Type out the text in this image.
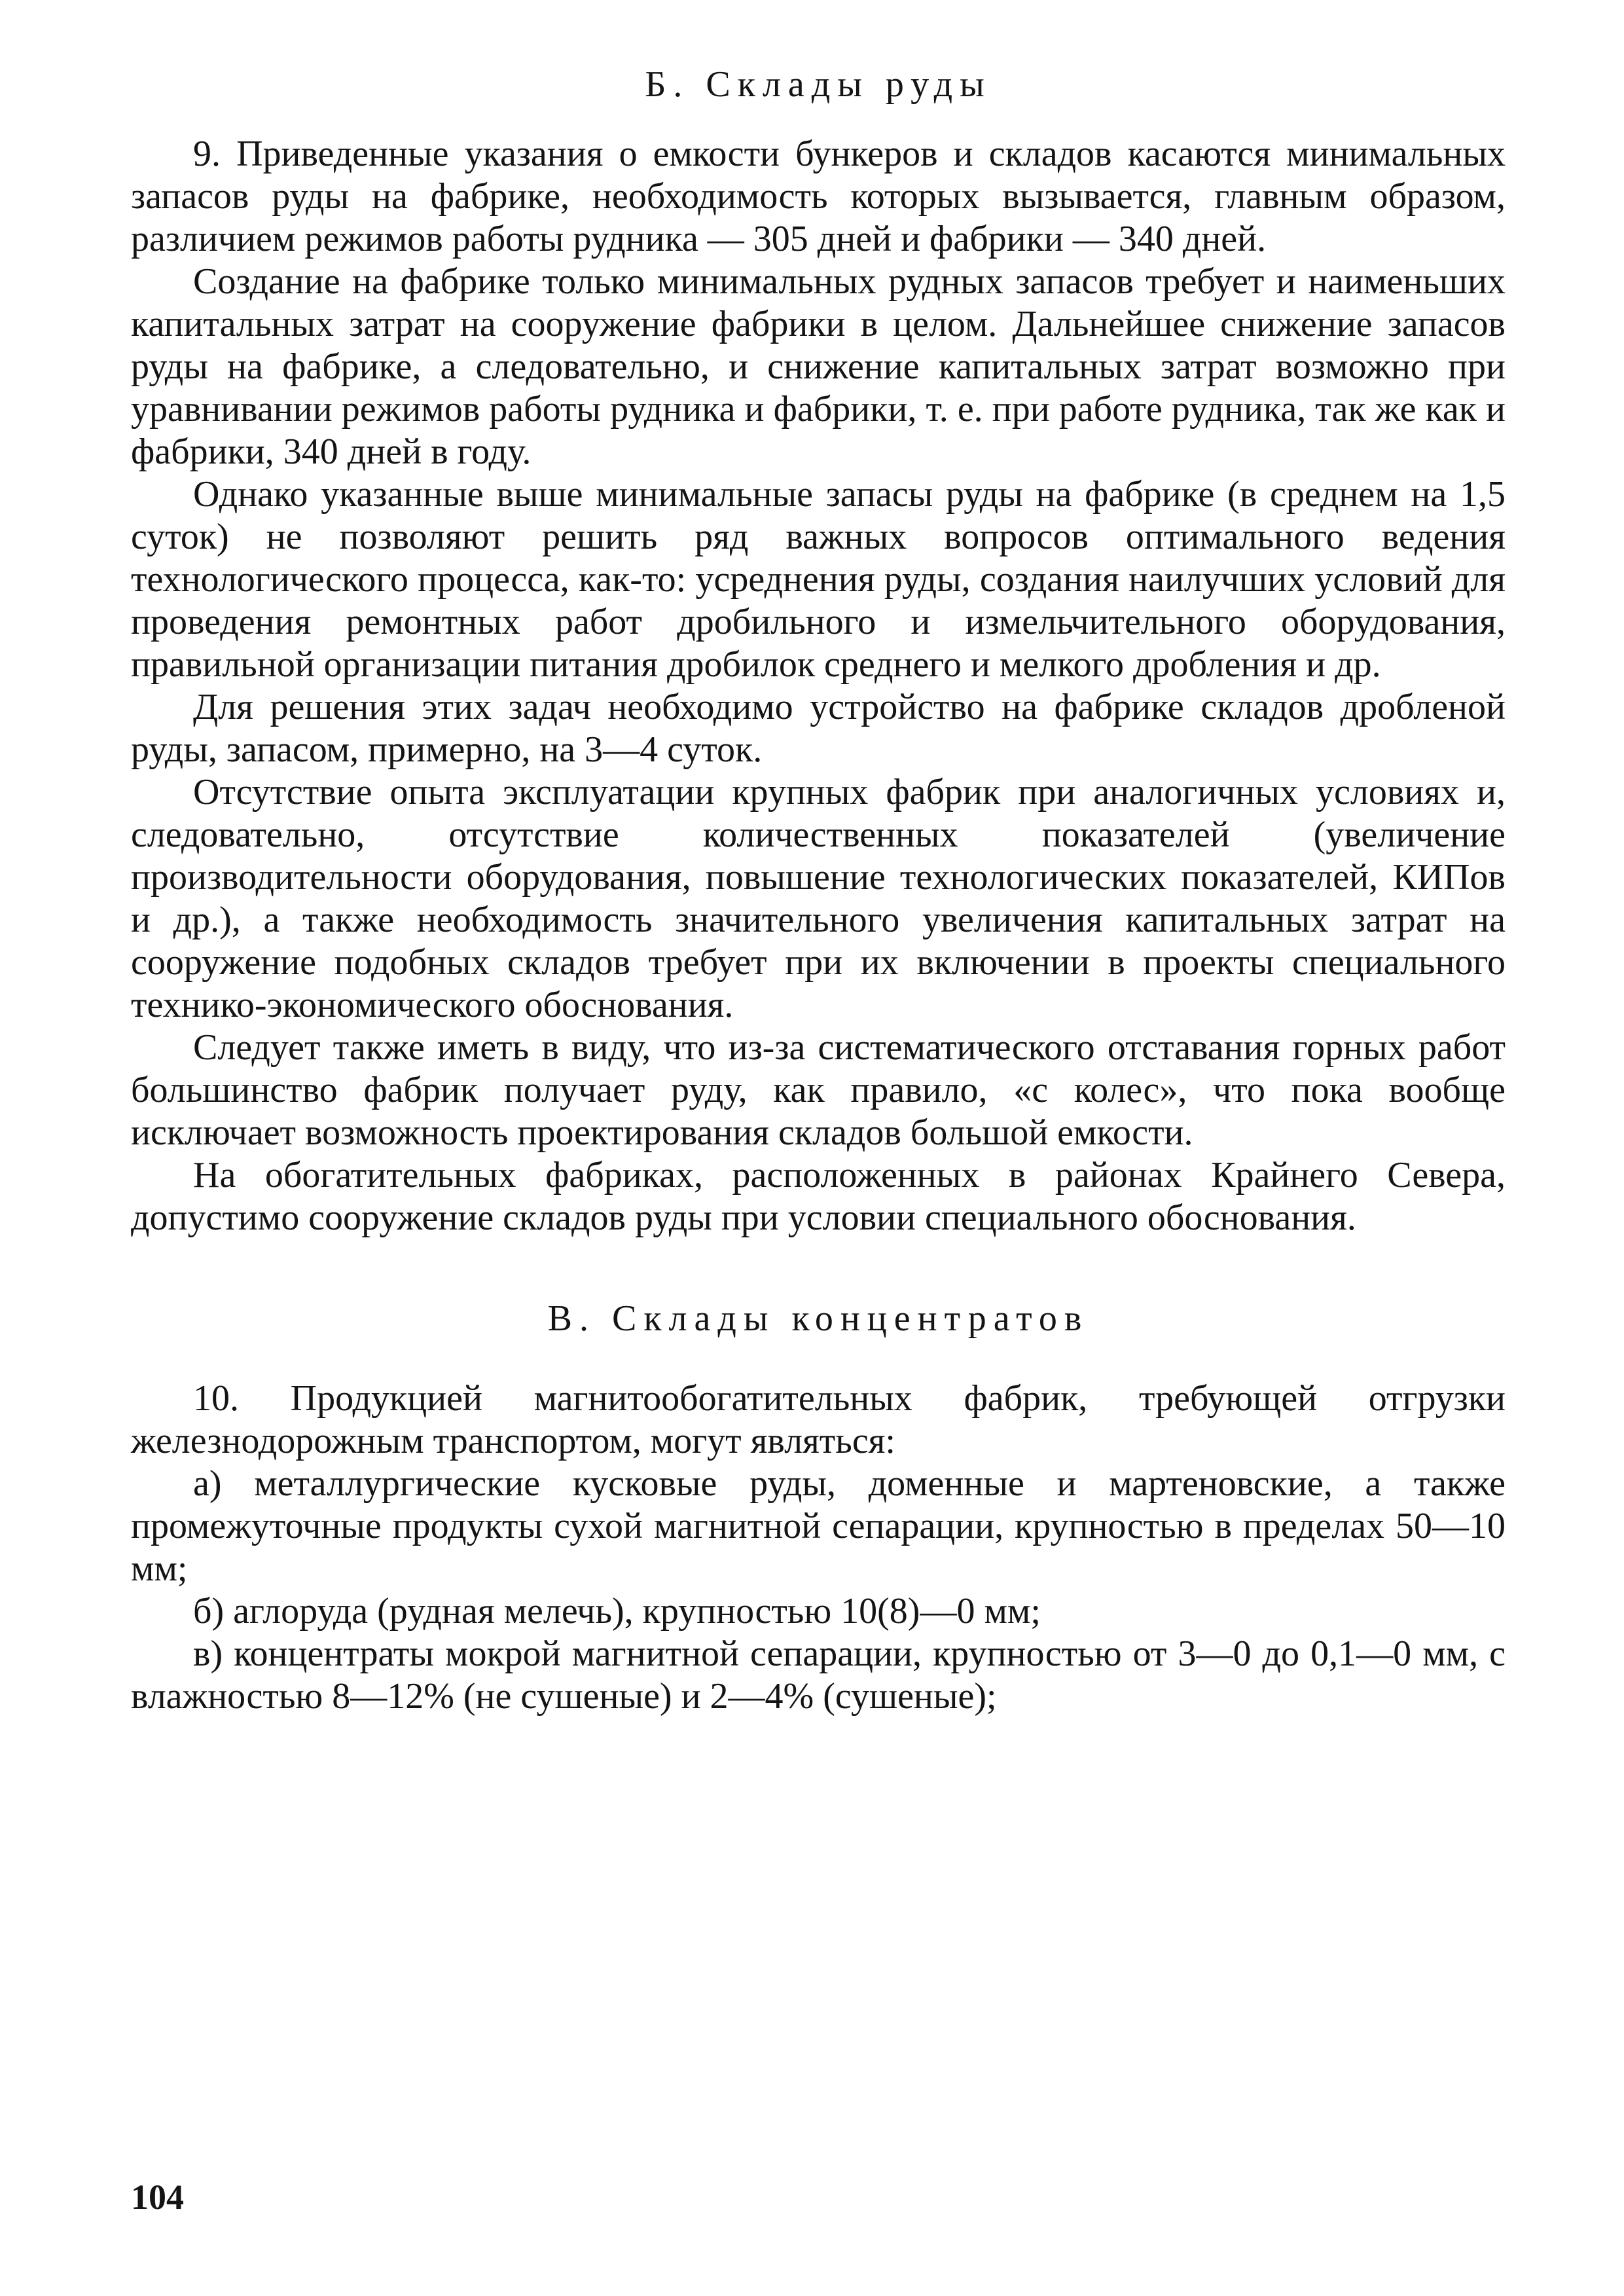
Б. Склады руды

9. Приведенные указания о емкости бункеров и складов касаются минимальных запасов руды на фабрике, необходимость которых вызывается, главным образом, различием режимов работы рудника — 305 дней и фабрики — 340 дней.

Создание на фабрике только минимальных рудных запасов требует и наименьших капитальных затрат на сооружение фабрики в целом. Дальнейшее снижение запасов руды на фабрике, а следовательно, и снижение капитальных затрат возможно при уравнивании режимов работы рудника и фабрики, т. е. при работе рудника, так же как и фабрики, 340 дней в году.

Однако указанные выше минимальные запасы руды на фабрике (в среднем на 1,5 суток) не позволяют решить ряд важных вопросов оптимального ведения технологического процесса, как-то: усреднения руды, создания наилучших условий для проведения ремонтных работ дробильного и измельчительного оборудования, правильной организации питания дробилок среднего и мелкого дробления и др.

Для решения этих задач необходимо устройство на фабрике складов дробленой руды, запасом, примерно, на 3—4 суток.

Отсутствие опыта эксплуатации крупных фабрик при аналогичных условиях и, следовательно, отсутствие количественных показателей (увеличение производительности оборудования, повышение технологических показателей, КИПов и др.), а также необходимость значительного увеличения капитальных затрат на сооружение подобных складов требует при их включении в проекты специального технико-экономического обоснования.

Следует также иметь в виду, что из-за систематического отставания горных работ большинство фабрик получает руду, как правило, «с колес», что пока вообще исключает возможность проектирования складов большой емкости.

На обогатительных фабриках, расположенных в районах Крайнего Севера, допустимо сооружение складов руды при условии специального обоснования.

В. Склады концентратов

10. Продукцией магнитообогатительных фабрик, требующей отгрузки железнодорожным транспортом, могут являться:

а) металлургические кусковые руды, доменные и мартеновские, а также промежуточные продукты сухой магнитной сепарации, крупностью в пределах 50—10 мм;

б) аглоруда (рудная мелечь), крупностью 10(8)—0 мм;

в) концентраты мокрой магнитной сепарации, крупностью от 3—0 до 0,1—0 мм, с влажностью 8—12% (не сушеные) и 2—4% (сушеные);

104
